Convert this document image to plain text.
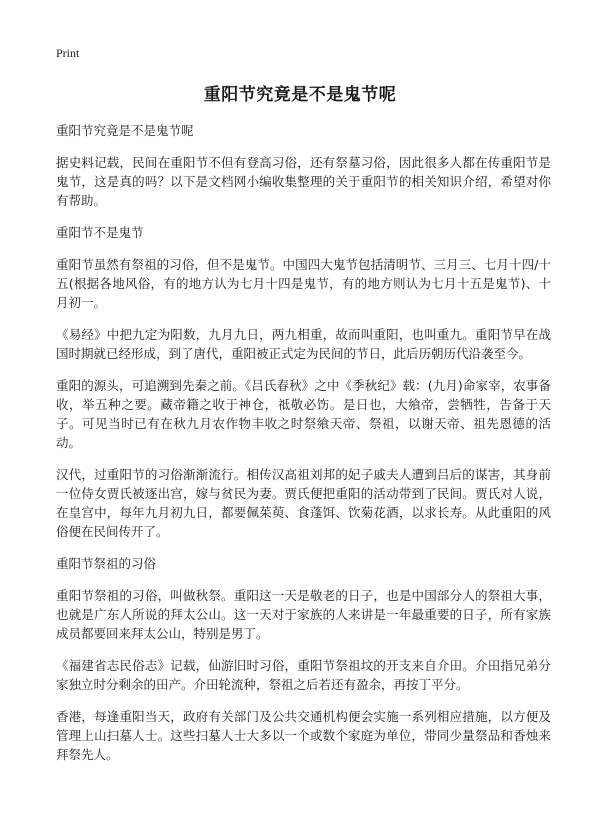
Print
重阳节究竟是不是鬼节呢
重阳节究竟是不是鬼节呢

据史料记载，民间在重阳节不但有登高习俗，还有祭墓习俗，因此很多人都在传重阳节是鬼节，这是真的吗？以下是文档网小编收集整理的关于重阳节的相关知识介绍，希望对你有帮助。

重阳节不是鬼节

重阳节虽然有祭祖的习俗，但不是鬼节。中国四大鬼节包括清明节、三月三、七月十四/十五(根据各地风俗，有的地方认为七月十四是鬼节，有的地方则认为七月十五是鬼节)、十月初一。

《易经》中把九定为阳数，九月九日，两九相重，故而叫重阳，也叫重九。重阳节早在战国时期就已经形成，到了唐代，重阳被正式定为民间的节日，此后历朝历代沿袭至今。

重阳的源头，可追溯到先秦之前。《吕氏春秋》之中《季秋纪》载：(九月)命家宰，农事备收，举五种之要。藏帝籍之收于神仓，祗敬必饬。是日也，大飨帝，尝牺牲，告备于天子。可见当时已有在秋九月农作物丰收之时祭飨天帝、祭祖，以谢天帝、祖先恩德的活动。

汉代，过重阳节的习俗渐渐流行。相传汉高祖刘邦的妃子戚夫人遭到吕后的谋害，其身前一位侍女贾氏被逐出宫，嫁与贫民为妻。贾氏便把重阳的活动带到了民间。贾氏对人说，在皇宫中，每年九月初九日，都要佩茱萸、食蓬饵、饮菊花酒，以求长寿。从此重阳的风俗便在民间传开了。

重阳节祭祖的习俗

重阳节祭祖的习俗，叫做秋祭。重阳这一天是敬老的日子，也是中国部分人的祭祖大事，也就是广东人所说的拜太公山。这一天对于家族的人来讲是一年最重要的日子，所有家族成员都要回来拜太公山，特别是男丁。

《福建省志民俗志》记载，仙游旧时习俗，重阳节祭祖坟的开支来自介田。介田指兄弟分家独立时分剩余的田产。介田轮流种，祭祖之后若还有盈余，再按丁平分。

香港，每逢重阳当天，政府有关部门及公共交通机构便会实施一系列相应措施，以方便及管理上山扫墓人士。这些扫墓人士大多以一个或数个家庭为单位，带同少量祭品和香烛来拜祭先人。
